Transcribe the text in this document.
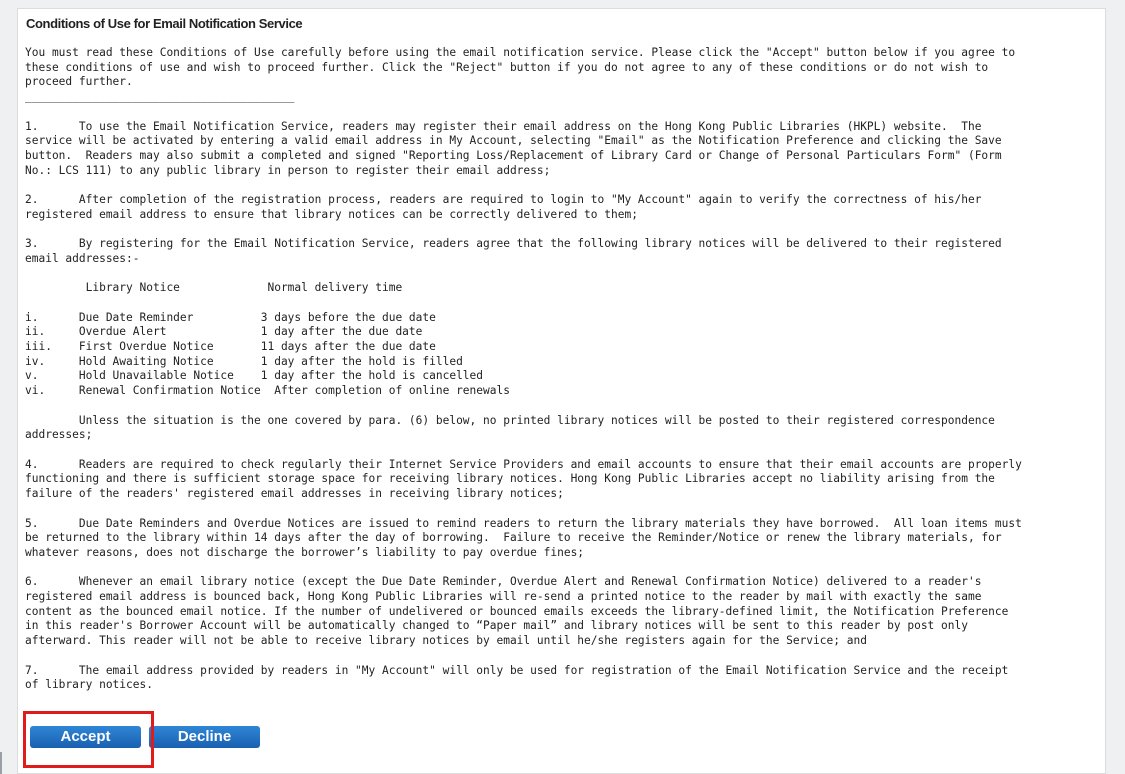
Conditions of Use for Email Notification Service
You must read these Conditions of Use carefully before using the email notification service. Please click the "Accept" button below if you agree to
these conditions of use and wish to proceed further. Click the "Reject" button if you do not agree to any of these conditions or do not wish to
proceed further.
________________________________________

1.      To use the Email Notification Service, readers may register their email address on the Hong Kong Public Libraries (HKPL) website.  The
service will be activated by entering a valid email address in My Account, selecting "Email" as the Notification Preference and clicking the Save
button.  Readers may also submit a completed and signed "Reporting Loss/Replacement of Library Card or Change of Personal Particulars Form" (Form
No.: LCS 111) to any public library in person to register their email address;

2.      After completion of the registration process, readers are required to login to "My Account" again to verify the correctness of his/her
registered email address to ensure that library notices can be correctly delivered to them;

3.      By registering for the Email Notification Service, readers agree that the following library notices will be delivered to their registered
email addresses:-

Library Notice             Normal delivery time

i.      Due Date Reminder          3 days before the due date
ii.     Overdue Alert              1 day after the due date
iii.    First Overdue Notice       11 days after the due date
iv.     Hold Awaiting Notice       1 day after the hold is filled
v.      Hold Unavailable Notice    1 day after the hold is cancelled
vi.     Renewal Confirmation Notice  After completion of online renewals

Unless the situation is the one covered by para. (6) below, no printed library notices will be posted to their registered correspondence
addresses;

4.      Readers are required to check regularly their Internet Service Providers and email accounts to ensure that their email accounts are properly
functioning and there is sufficient storage space for receiving library notices. Hong Kong Public Libraries accept no liability arising from the
failure of the readers' registered email addresses in receiving library notices;

5.      Due Date Reminders and Overdue Notices are issued to remind readers to return the library materials they have borrowed.  All loan items must
be returned to the library within 14 days after the day of borrowing.  Failure to receive the Reminder/Notice or renew the library materials, for
whatever reasons, does not discharge the borrower’s liability to pay overdue fines;

6.      Whenever an email library notice (except the Due Date Reminder, Overdue Alert and Renewal Confirmation Notice) delivered to a reader's
registered email address is bounced back, Hong Kong Public Libraries will re-send a printed notice to the reader by mail with exactly the same
content as the bounced email notice. If the number of undelivered or bounced emails exceeds the library-defined limit, the Notification Preference
in this reader's Borrower Account will be automatically changed to “Paper mail” and library notices will be sent to this reader by post only
afterward. This reader will not be able to receive library notices by email until he/she registers again for the Service; and

7.      The email address provided by readers in "My Account" will only be used for registration of the Email Notification Service and the receipt
of library notices.
Accept	Decline
